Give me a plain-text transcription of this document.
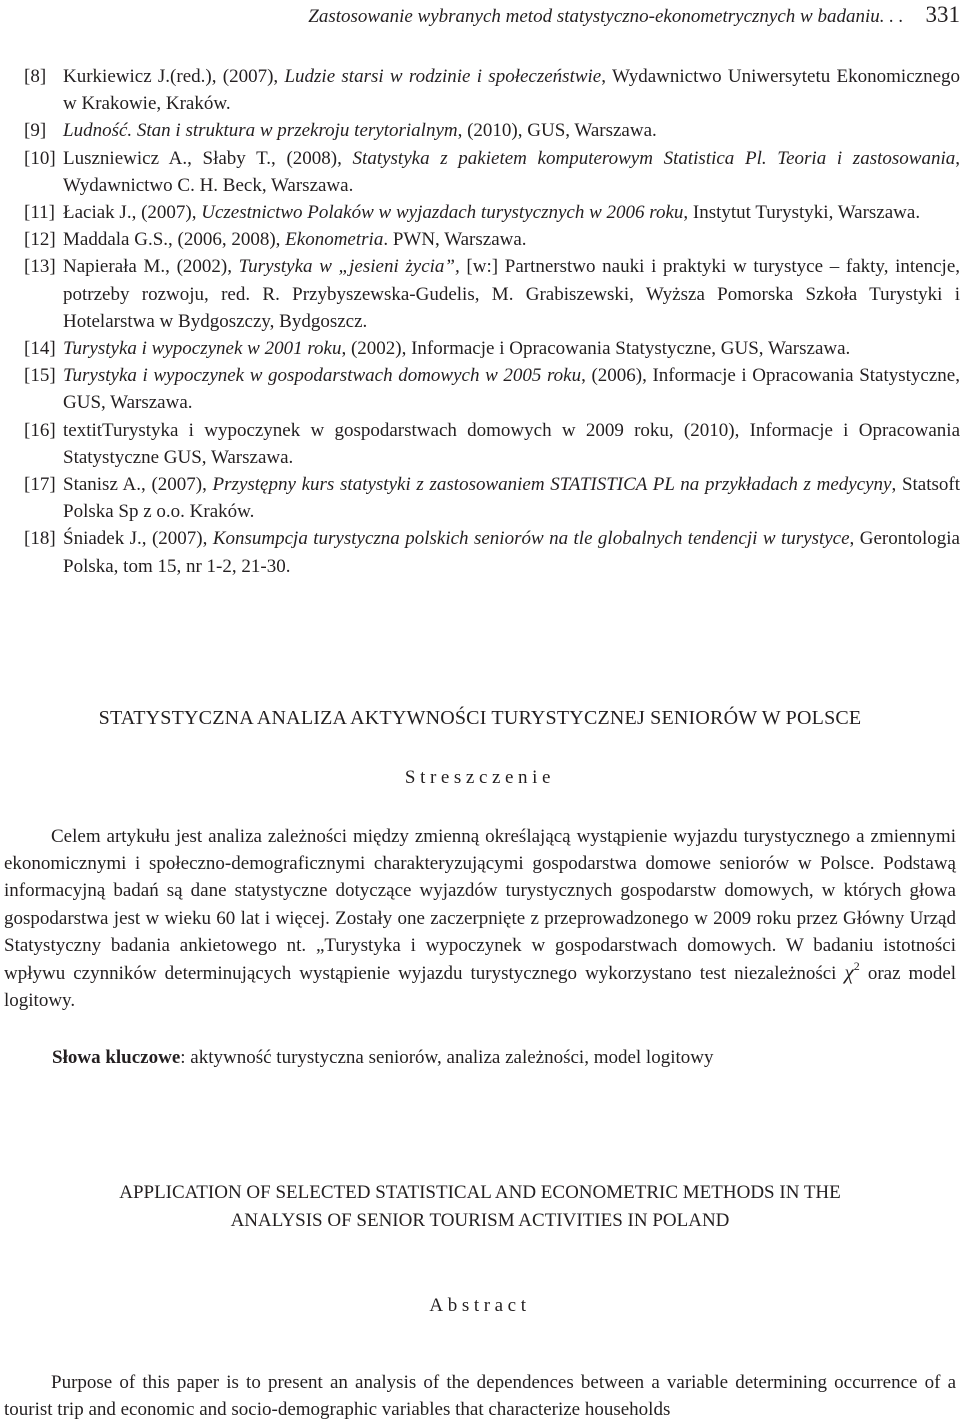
Zastosowanie wybranych metod statystyczno-ekonometrycznych w badaniu. . . 331
[8] Kurkiewicz J.(red.), (2007), Ludzie starsi w rodzinie i społeczeństwie, Wydawnictwo Uniwersytetu Ekonomicznego w Krakowie, Kraków.
[9] Ludność. Stan i struktura w przekroju terytorialnym, (2010), GUS, Warszawa.
[10] Luszniewicz A., Słaby T., (2008), Statystyka z pakietem komputerowym Statistica Pl. Teoria i zastosowania, Wydawnictwo C. H. Beck, Warszawa.
[11] Łaciak J., (2007), Uczestnictwo Polaków w wyjazdach turystycznych w 2006 roku, Instytut Turystyki, Warszawa.
[12] Maddala G.S., (2006, 2008), Ekonometria. PWN, Warszawa.
[13] Napierała M., (2002), Turystyka w „jesieni życia”, [w:] Partnerstwo nauki i praktyki w turystyce – fakty, intencje, potrzeby rozwoju, red. R. Przybyszewska-Gudelis, M. Grabiszewski, Wyższa Pomorska Szkoła Turystyki i Hotelarstwa w Bydgoszczy, Bydgoszcz.
[14] Turystyka i wypoczynek w 2001 roku, (2002), Informacje i Opracowania Statystyczne, GUS, Warszawa.
[15] Turystyka i wypoczynek w gospodarstwach domowych w 2005 roku, (2006), Informacje i Opracowania Statystyczne, GUS, Warszawa.
[16] textitTurystyka i wypoczynek w gospodarstwach domowych w 2009 roku, (2010), Informacje i Opracowania Statystyczne GUS, Warszawa.
[17] Stanisz A., (2007), Przystępny kurs statystyki z zastosowaniem STATISTICA PL na przykładach z medycyny, Statsoft Polska Sp z o.o. Kraków.
[18] Śniadek J., (2007), Konsumpcja turystyczna polskich seniorów na tle globalnych tendencji w turystyce, Gerontologia Polska, tom 15, nr 1-2, 21-30.
STATYSTYCZNA ANALIZA AKTYWNOŚCI TURYSTYCZNEJ SENIORÓW W POLSCE
Streszczenie
Celem artykułu jest analiza zależności między zmienną określającą wystąpienie wyjazdu turystycznego a zmiennymi ekonomicznymi i społeczno-demograficznymi charakteryzującymi gospodarstwa domowe seniorów w Polsce. Podstawą informacyjną badań są dane statystyczne dotyczące wyjazdów turystycznych gospodarstw domowych, w których głowa gospodarstwa jest w wieku 60 lat i więcej. Zostały one zaczerpnięte z przeprowadzonego w 2009 roku przez Główny Urząd Statystyczny badania ankietowego nt. „Turystyka i wypoczynek w gospodarstwach domowych. W badaniu istotności wpływu czynników determinujących wystąpienie wyjazdu turystycznego wykorzystano test niezależności $\chi^2$ oraz model logitowy.
Słowa kluczowe: aktywność turystyczna seniorów, analiza zależności, model logitowy
APPLICATION OF SELECTED STATISTICAL AND ECONOMETRIC METHODS IN THE
ANALYSIS OF SENIOR TOURISM ACTIVITIES IN POLAND
Abstract
Purpose of this paper is to present an analysis of the dependences between a variable determining occurrence of a tourist trip and economic and socio-demographic variables that characterize households
